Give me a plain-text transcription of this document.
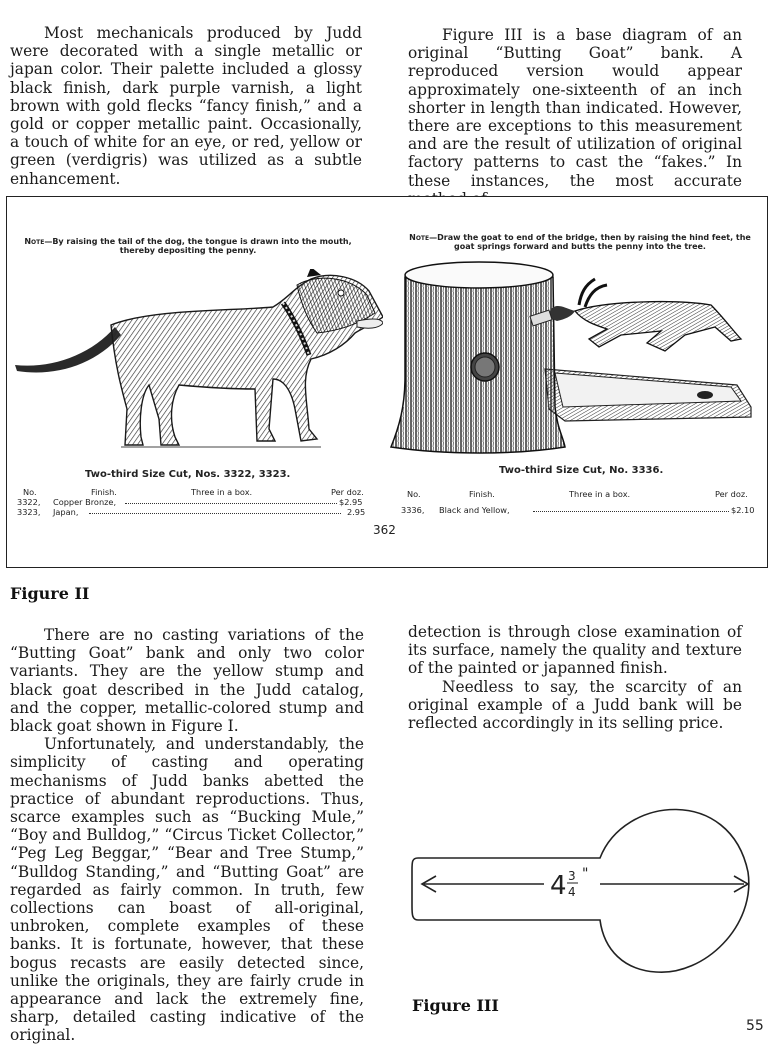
Most mechanicals produced by Judd were decorated with a single metallic or japan color. Their palette included a glossy black finish, dark purple varnish, a light brown with gold flecks “fancy finish,” and a gold or copper metallic paint. Occasionally, a touch of white for an eye, or red, yellow or green (verdigris) was utilized as a subtle enhancement.

Figure III is a base diagram of an original “Butting Goat” bank. A reproduced version would appear approximately one-sixteenth of an inch shorter in length than indicated. However, there are exceptions to this measurement and are the result of utilization of original factory patterns to cast the “fakes.” In these instances, the most accurate

Note—By raising the tail of the dog, the tongue is drawn into the mouth, thereby depositing the penny.
Note—Draw the goat to end of the bridge, then by raising the hind feet, the goat springs forward and butts the penny into the tree.
Two-third Size Cut, Nos. 3322, 3323.
No.	Finish.	Three in a box.	Per doz.
3322, Copper Bronze,	$2.95
3323, Japan,	2.95
Two-third Size Cut, No. 3336.
No.	Finish.	Three in a box.	Per doz.
3336, Black and Yellow,	$2.10
362
Figure II

There are no casting variations of the “Butting Goat” bank and only two color variants. They are the yellow stump and black goat described in the Judd catalog, and the copper, metallic-colored stump and black goat shown in Figure I.

Unfortunately, and understandably, the simplicity of casting and operating mechanisms of Judd banks abetted the practice of abundant reproductions. Thus, scarce examples such as “Bucking Mule,” “Boy and Bulldog,” “Circus Ticket Collector,” “Peg Leg Beggar,” “Bear and Tree Stump,” “Bulldog Standing,” and “Butting Goat” are regarded as fairly common. In truth, few collections can boast of all-original, unbroken, complete examples of these banks. It is fortunate, however, that these bogus recasts are easily detected since, unlike the originals, they are fairly crude in appearance and lack the extremely fine, sharp, detailed casting indicative of the original.

detection is through close examination of its surface, namely the quality and texture of the painted or japanned finish.

Needless to say, the scarcity of an original example of a Judd bank will be reflected accordingly in its selling price.

4 3
4
"
Figure III
55
